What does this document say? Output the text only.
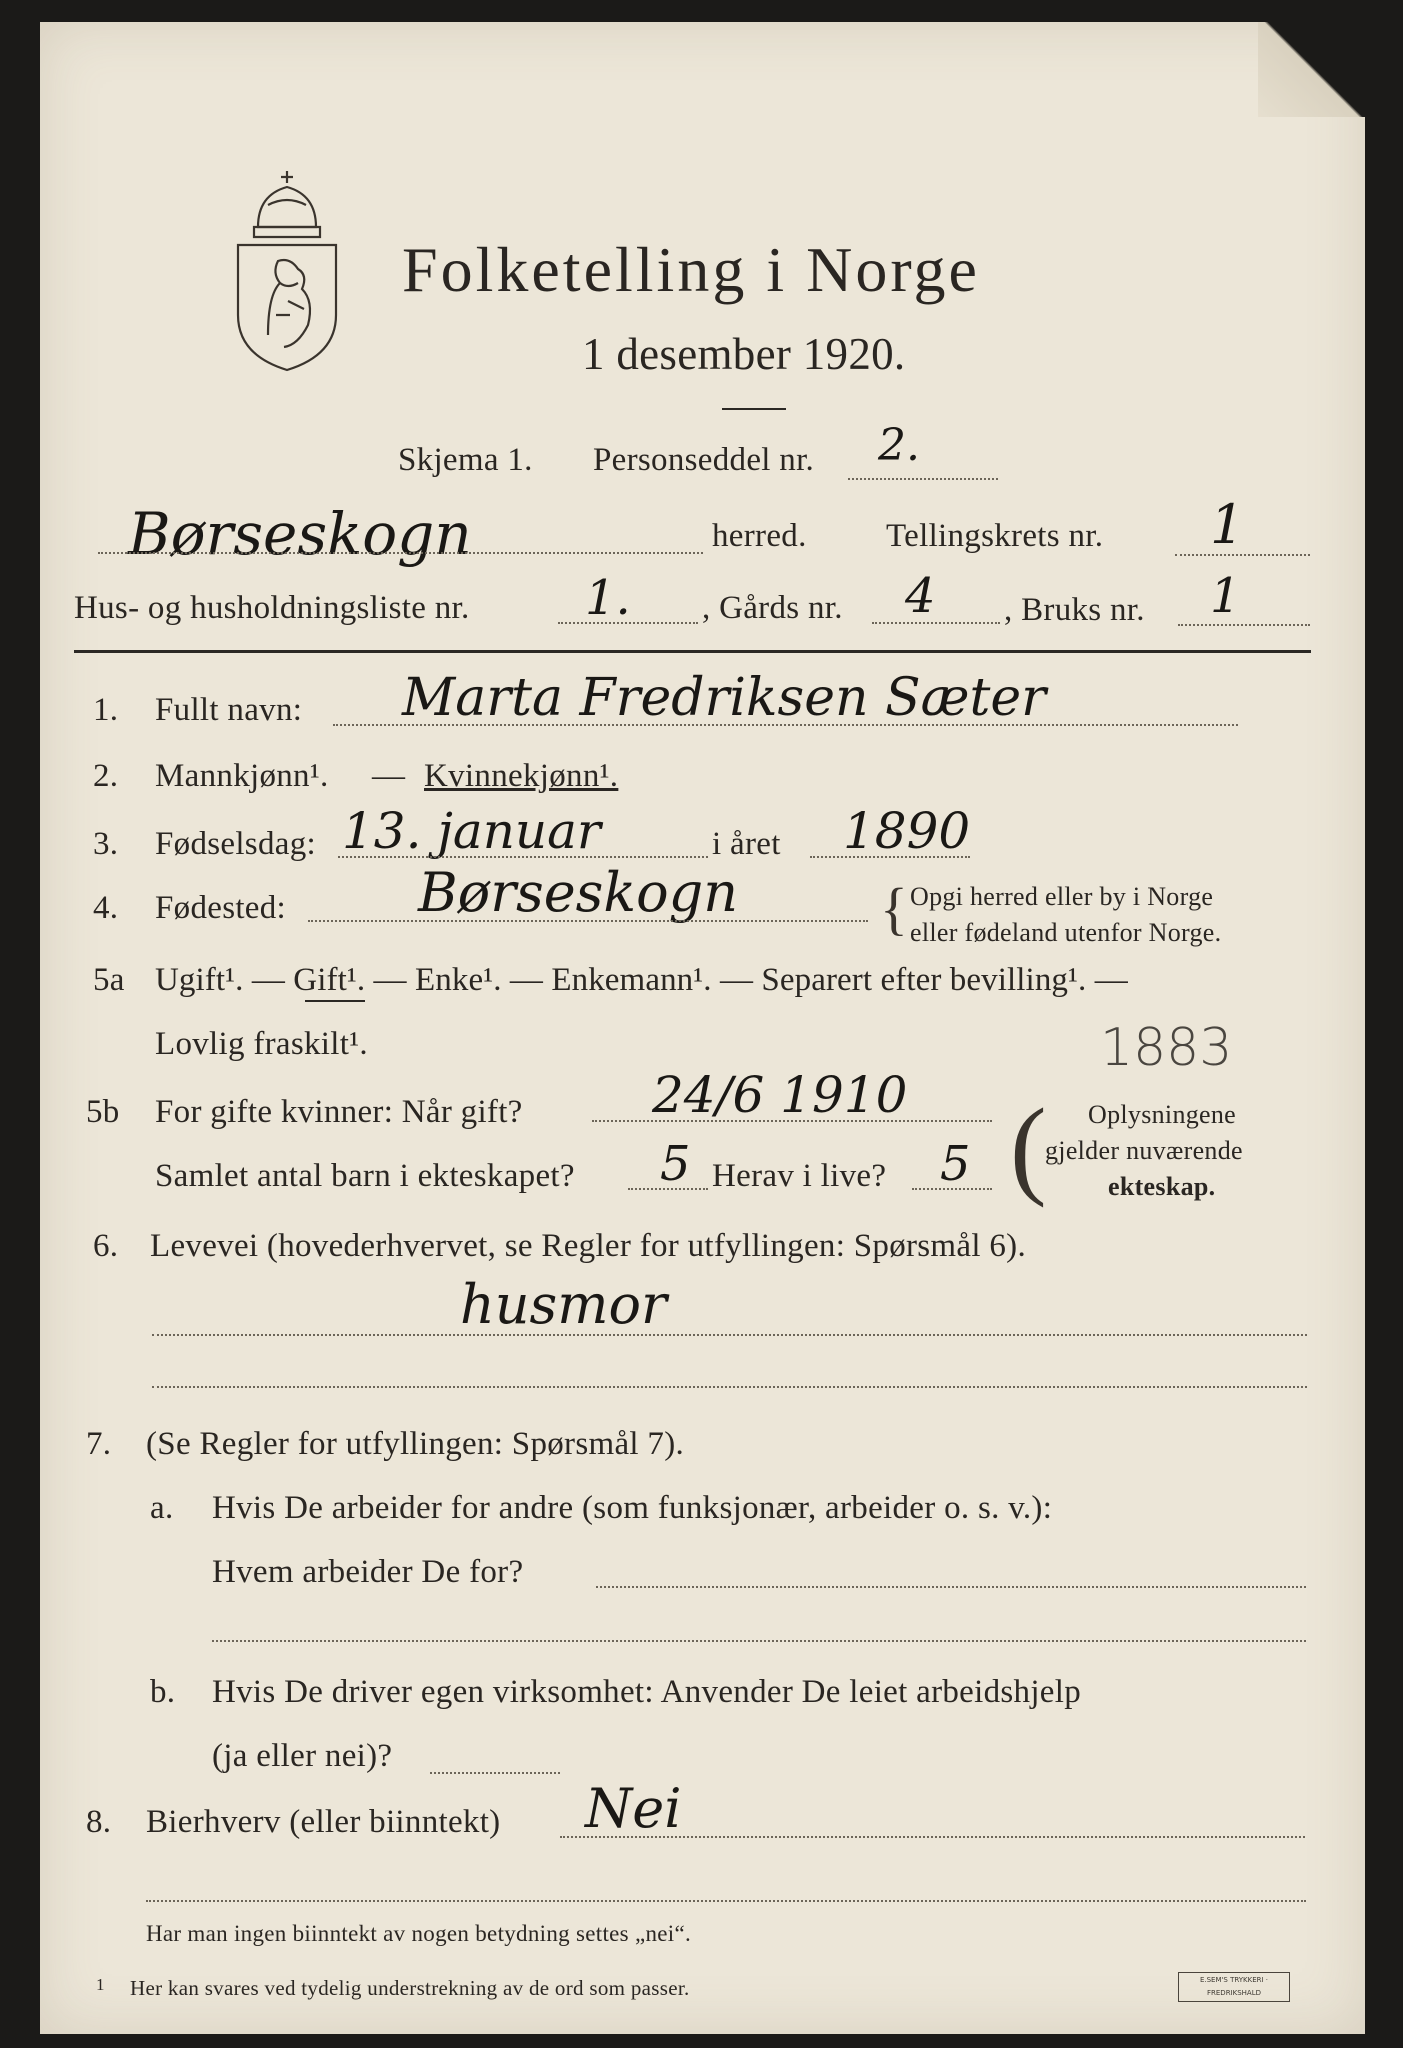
Folketelling i Norge
1 desember 1920.
Skjema 1. Personseddel nr. 2.
Børseskogn	herred. Tellingskrets nr. 1
Hus- og husholdningsliste nr. 1. , Gårds nr. 4 , Bruks nr. 1
1. Fullt navn: Marta Fredriksen Sæter
2. Mannkjønn¹. — Kvinnekjønn¹.
3. Fødselsdag: 13. januar	i året 1890
4. Fødested: Børseskogn { Opgi herred eller by i Norge
eller fødeland utenfor Norge.
5a Ugift¹. — Gift¹. — Enke¹. — Enkemann¹. — Separert efter bevilling¹. —
Lovlig fraskilt¹.	1883
5b For gifte kvinner: Når gift?	24/6 1910
Samlet antal barn i ekteskapet? 5 Herav i live? 5 ( Oplysningene
gjelder nuværende
ekteskap.
6. Levevei (hovederhvervet, se Regler for utfyllingen: Spørsmål 6).
husmor
7. (Se Regler for utfyllingen: Spørsmål 7).
a. Hvis De arbeider for andre (som funksjonær, arbeider o. s. v.):
Hvem arbeider De for?
b. Hvis De driver egen virksomhet: Anvender De leiet arbeidshjelp
(ja eller nei)?
8. Bierhverv (eller biinntekt) Nei
Har man ingen biinntekt av nogen betydning settes „nei“.
1 Her kan svares ved tydelig understrekning av de ord som passer.	E.SEM'S TRYKKERI · FREDRIKSHALD
